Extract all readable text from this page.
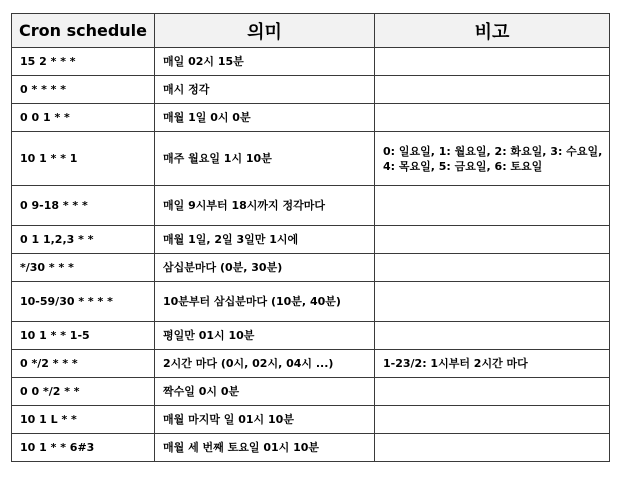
Cron schedule	의미	비고
15 2 * * *	매일 02시 15분	
0 * * * *	매시 정각	
0 0 1 * *	매월 1일 0시 0분	
10 1 * * 1	매주 월요일 1시 10분	0: 일요일, 1: 월요일, 2: 화요일, 3: 수요일, 4: 목요일, 5: 금요일, 6: 토요일
0 9-18 * * *	매일 9시부터 18시까지 정각마다	
0 1 1,2,3 * *	매월 1일, 2일 3일만 1시에	
*/30 * * *	삼십분마다 (0분, 30분)	
10-59/30 * * * *	10분부터 삼십분마다 (10분, 40분)	
10 1 * * 1-5	평일만 01시 10분	
0 */2 * * *	2시간 마다 (0시, 02시, 04시 ...)	1-23/2: 1시부터 2시간 마다
0 0 */2 * *	짝수일 0시 0분	
10 1 L * *	매월 마지막 일 01시 10분	
10 1 * * 6#3	매월 세 번째 토요일 01시 10분	
